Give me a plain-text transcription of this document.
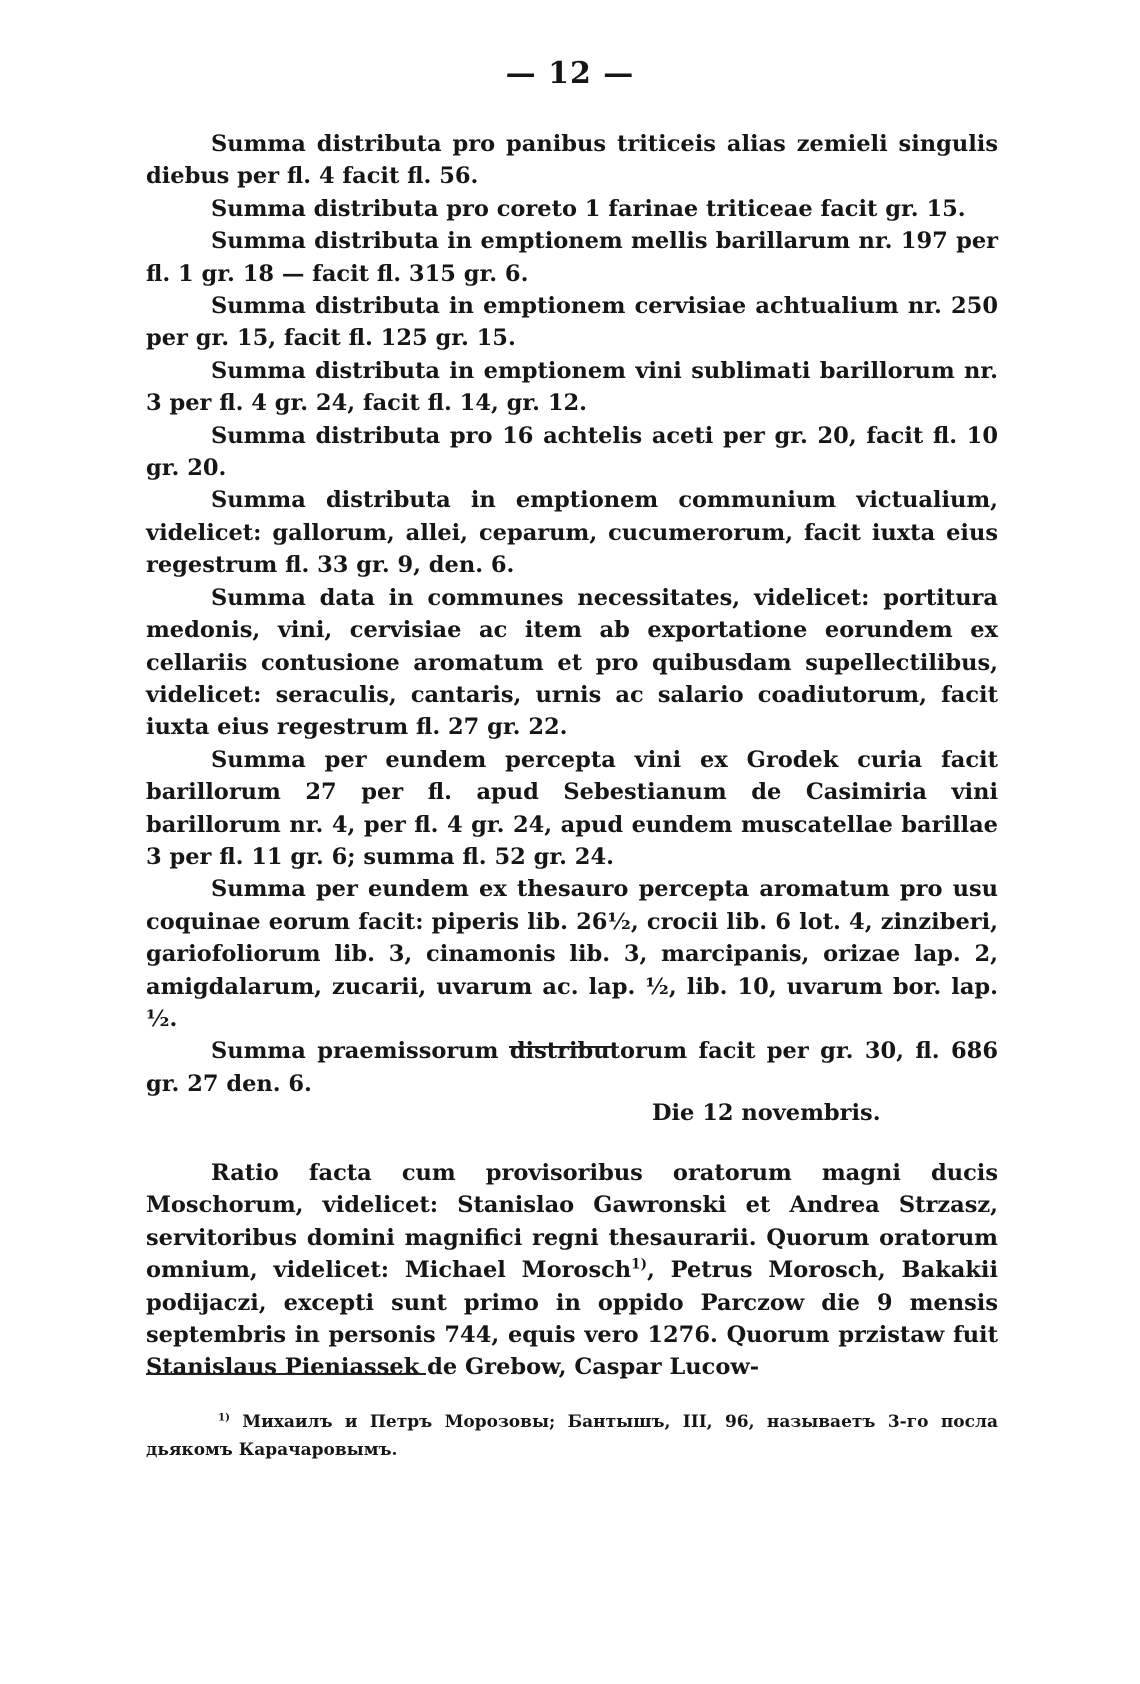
— 12 —

Summa distributa pro panibus triticeis alias zemieli singulis diebus per fl. 4 facit fl. 56.

Summa distributa pro coreto 1 farinae triticeae facit gr. 15.

Summa distributa in emptionem mellis barillarum nr. 197 per fl. 1 gr. 18 — facit fl. 315 gr. 6.

Summa distributa in emptionem cervisiae achtualium nr. 250 per gr. 15, facit fl. 125 gr. 15.

Summa distributa in emptionem vini sublimati barillorum nr. 3 per fl. 4 gr. 24, facit fl. 14, gr. 12.

Summa distributa pro 16 achtelis aceti per gr. 20, facit fl. 10 gr. 20.

Summa distributa in emptionem communium victualium, videlicet: gallorum, allei, ceparum, cucumerorum, facit iuxta eius regestrum fl. 33 gr. 9, den. 6.

Summa data in communes necessitates, videlicet: portitura medonis, vini, cervisiae ac item ab exportatione eorundem ex cellariis contusione aromatum et pro quibusdam supellectilibus, videlicet: seraculis, cantaris, urnis ac salario coadiutorum, facit iuxta eius regestrum fl. 27 gr. 22.

Summa per eundem percepta vini ex Grodek curia facit barillorum 27 per fl. apud Sebestianum de Casimiria vini barillorum nr. 4, per fl. 4 gr. 24, apud eundem muscatellae barillae 3 per fl. 11 gr. 6; summa fl. 52 gr. 24.

Summa per eundem ex thesauro percepta aromatum pro usu coquinae eorum facit: piperis lib. 26½, crocii lib. 6 lot. 4, zinziberi, gariofoliorum lib. 3, cinamonis lib. 3, marcipanis, orizae lap. 2, amigdalarum, zucarii, uvarum ac. lap. ½, lib. 10, uvarum bor. lap. ½.

Summa praemissorum distributorum facit per gr. 30, fl. 686 gr. 27 den. 6.

Die 12 novembris.

Ratio facta cum provisoribus oratorum magni ducis Moschorum, videlicet: Stanislao Gawronski et Andrea Strzasz, servitoribus domini magnifici regni thesaurarii. Quorum oratorum omnium, videlicet: Michael Morosch$^{1)}$, Petrus Morosch, Bakakii podijaczi, excepti sunt primo in oppido Parczow die 9 mensis septembris in personis 744, equis vero 1276. Quorum przistaw fuit Stanislaus Pieniassek de Grebow, Caspar Lucow-

$^{1)}$ Михаилъ и Петръ Морозовы; Бантышъ, III, 96, называетъ 3-го посла дьякомъ Карачаровымъ.
